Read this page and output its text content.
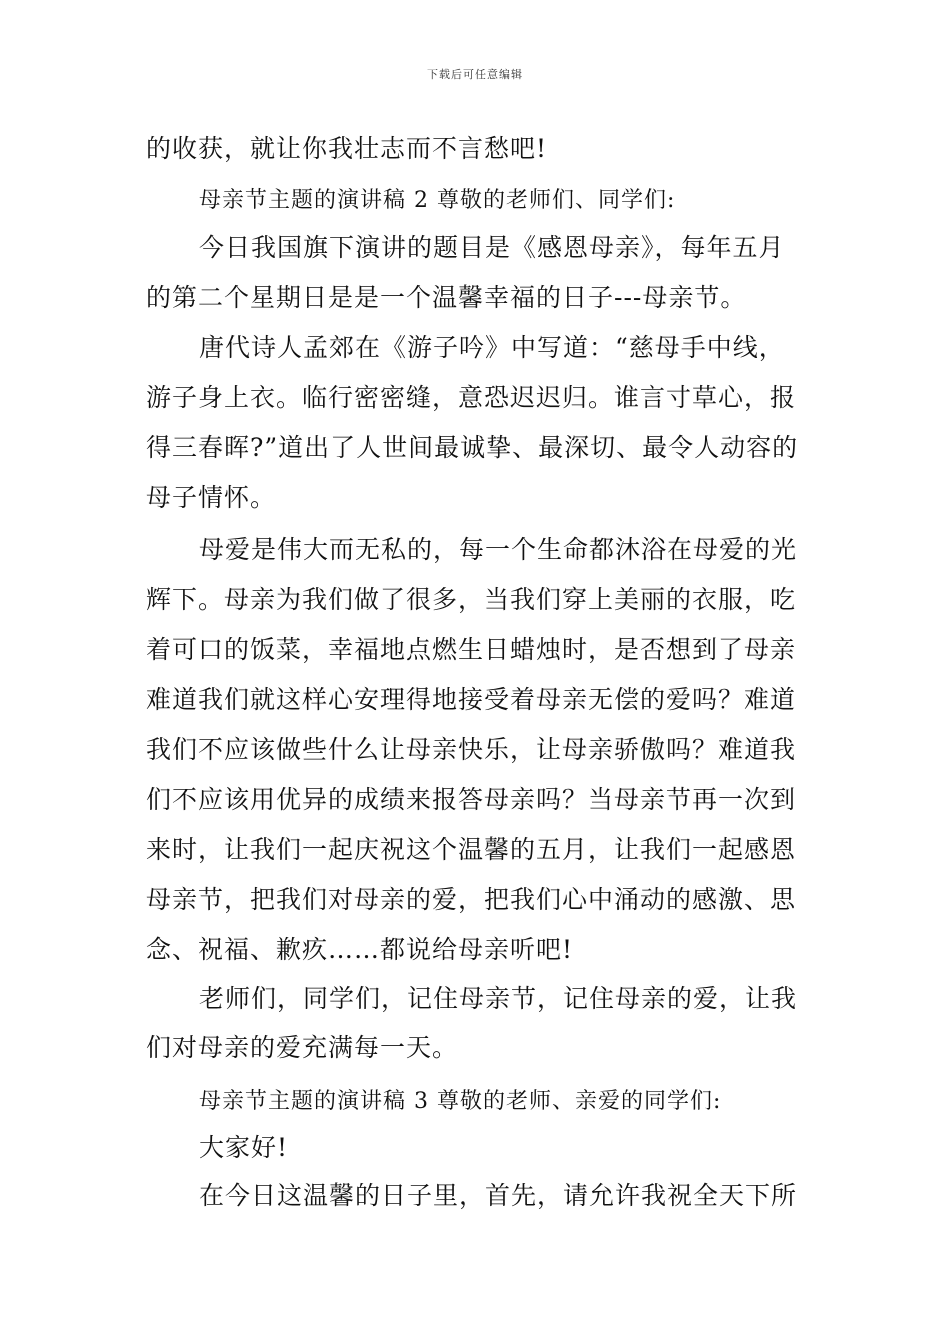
下载后可任意编辑
的收获，就让你我壮志而不言愁吧!
母亲节主题的演讲稿 2 尊敬的老师们、同学们:
今日我国旗下演讲的题目是《感恩母亲》，每年五月
的第二个星期日是是一个温馨幸福的日子---母亲节。
唐代诗人孟郊在《游子吟》中写道：“慈母手中线，
游子身上衣。临行密密缝，意恐迟迟归。谁言寸草心，报
得三春晖?”道出了人世间最诚挚、最深切、最令人动容的
母子情怀。
母爱是伟大而无私的，每一个生命都沐浴在母爱的光
辉下。母亲为我们做了很多，当我们穿上美丽的衣服，吃
着可口的饭菜，幸福地点燃生日蜡烛时，是否想到了母亲
难道我们就这样心安理得地接受着母亲无偿的爱吗？难道
我们不应该做些什么让母亲快乐，让母亲骄傲吗？难道我
们不应该用优异的成绩来报答母亲吗？当母亲节再一次到
来时，让我们一起庆祝这个温馨的五月，让我们一起感恩
母亲节，把我们对母亲的爱，把我们心中涌动的感激、思
念、祝福、歉疚……都说给母亲听吧!
老师们，同学们，记住母亲节，记住母亲的爱，让我
们对母亲的爱充满每一天。
母亲节主题的演讲稿 3 尊敬的老师、亲爱的同学们:
大家好!
在今日这温馨的日子里，首先，请允许我祝全天下所
